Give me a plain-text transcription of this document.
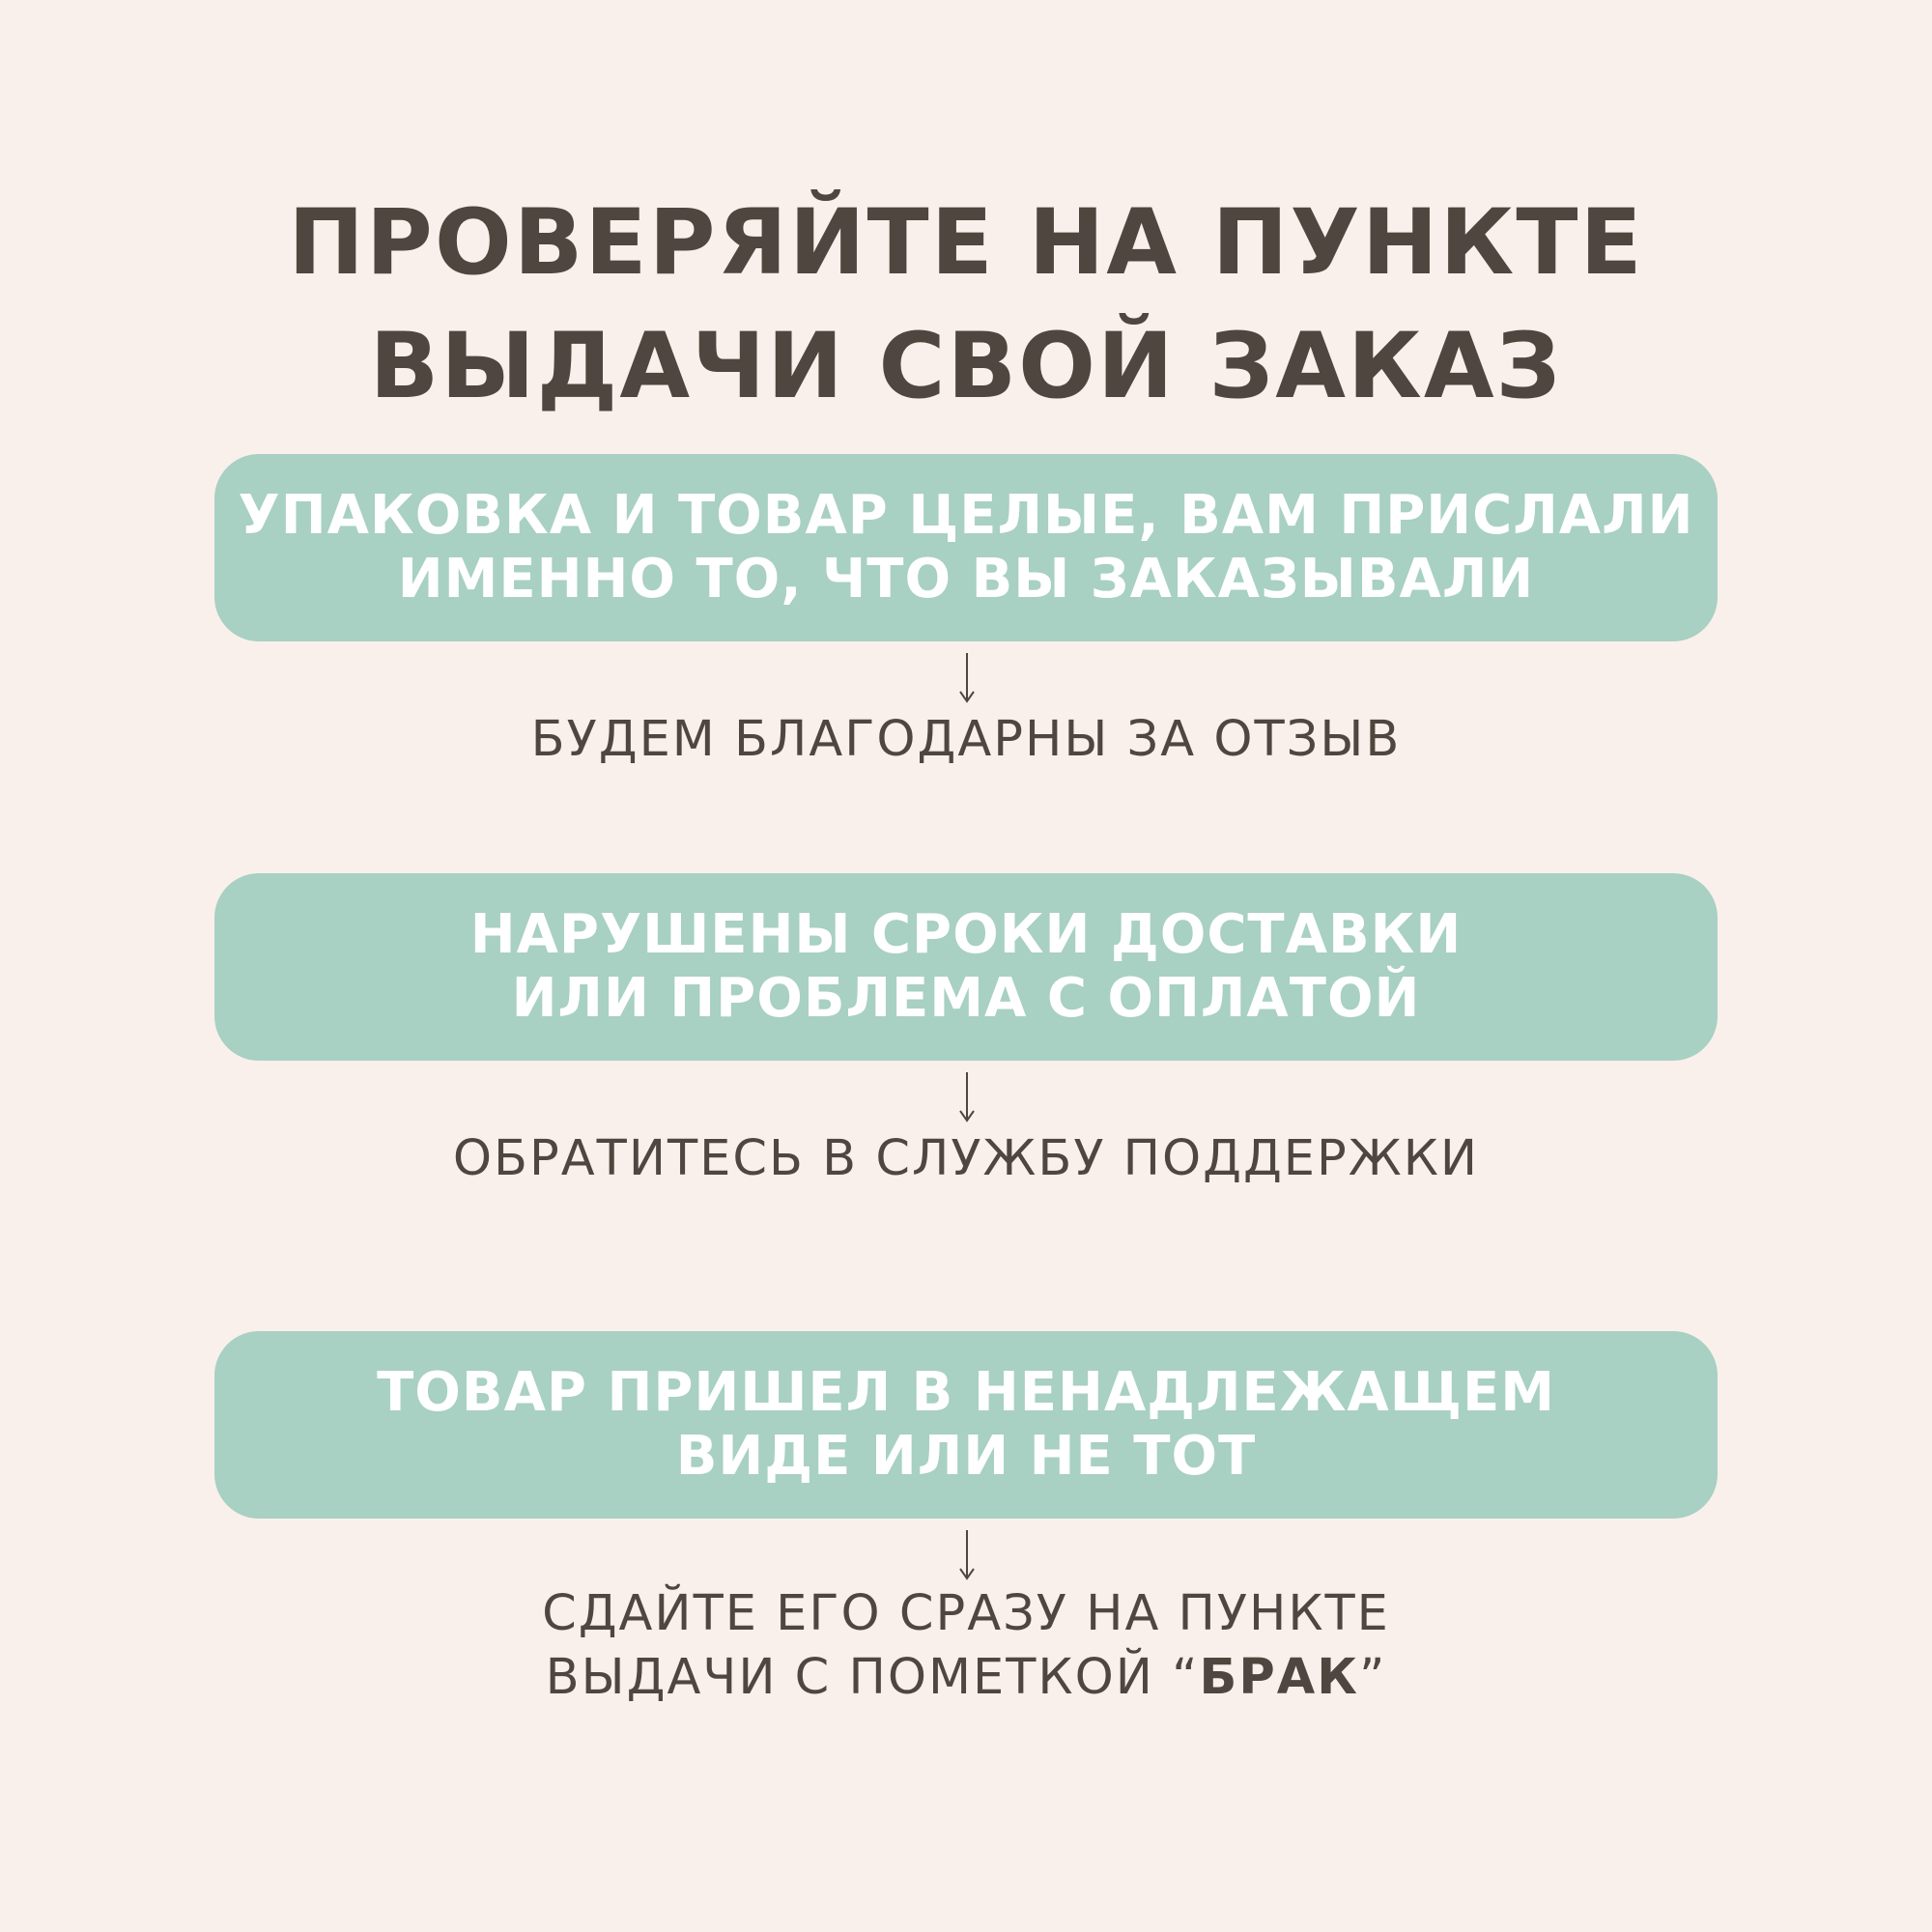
ПРОВЕРЯЙТЕ НА ПУНКТЕ
ВЫДАЧИ СВОЙ ЗАКАЗ
УПАКОВКА И ТОВАР ЦЕЛЫЕ, ВАМ ПРИСЛАЛИ
ИМЕННО ТО, ЧТО ВЫ ЗАКАЗЫВАЛИ
БУДЕМ БЛАГОДАРНЫ ЗА ОТЗЫВ
НАРУШЕНЫ СРОКИ ДОСТАВКИ
ИЛИ ПРОБЛЕМА С ОПЛАТОЙ
ОБРАТИТЕСЬ В СЛУЖБУ ПОДДЕРЖКИ
ТОВАР ПРИШЕЛ В НЕНАДЛЕЖАЩЕМ
ВИДЕ ИЛИ НЕ ТОТ
СДАЙТЕ ЕГО СРАЗУ НА ПУНКТЕ
ВЫДАЧИ С ПОМЕТКОЙ “БРАК”
